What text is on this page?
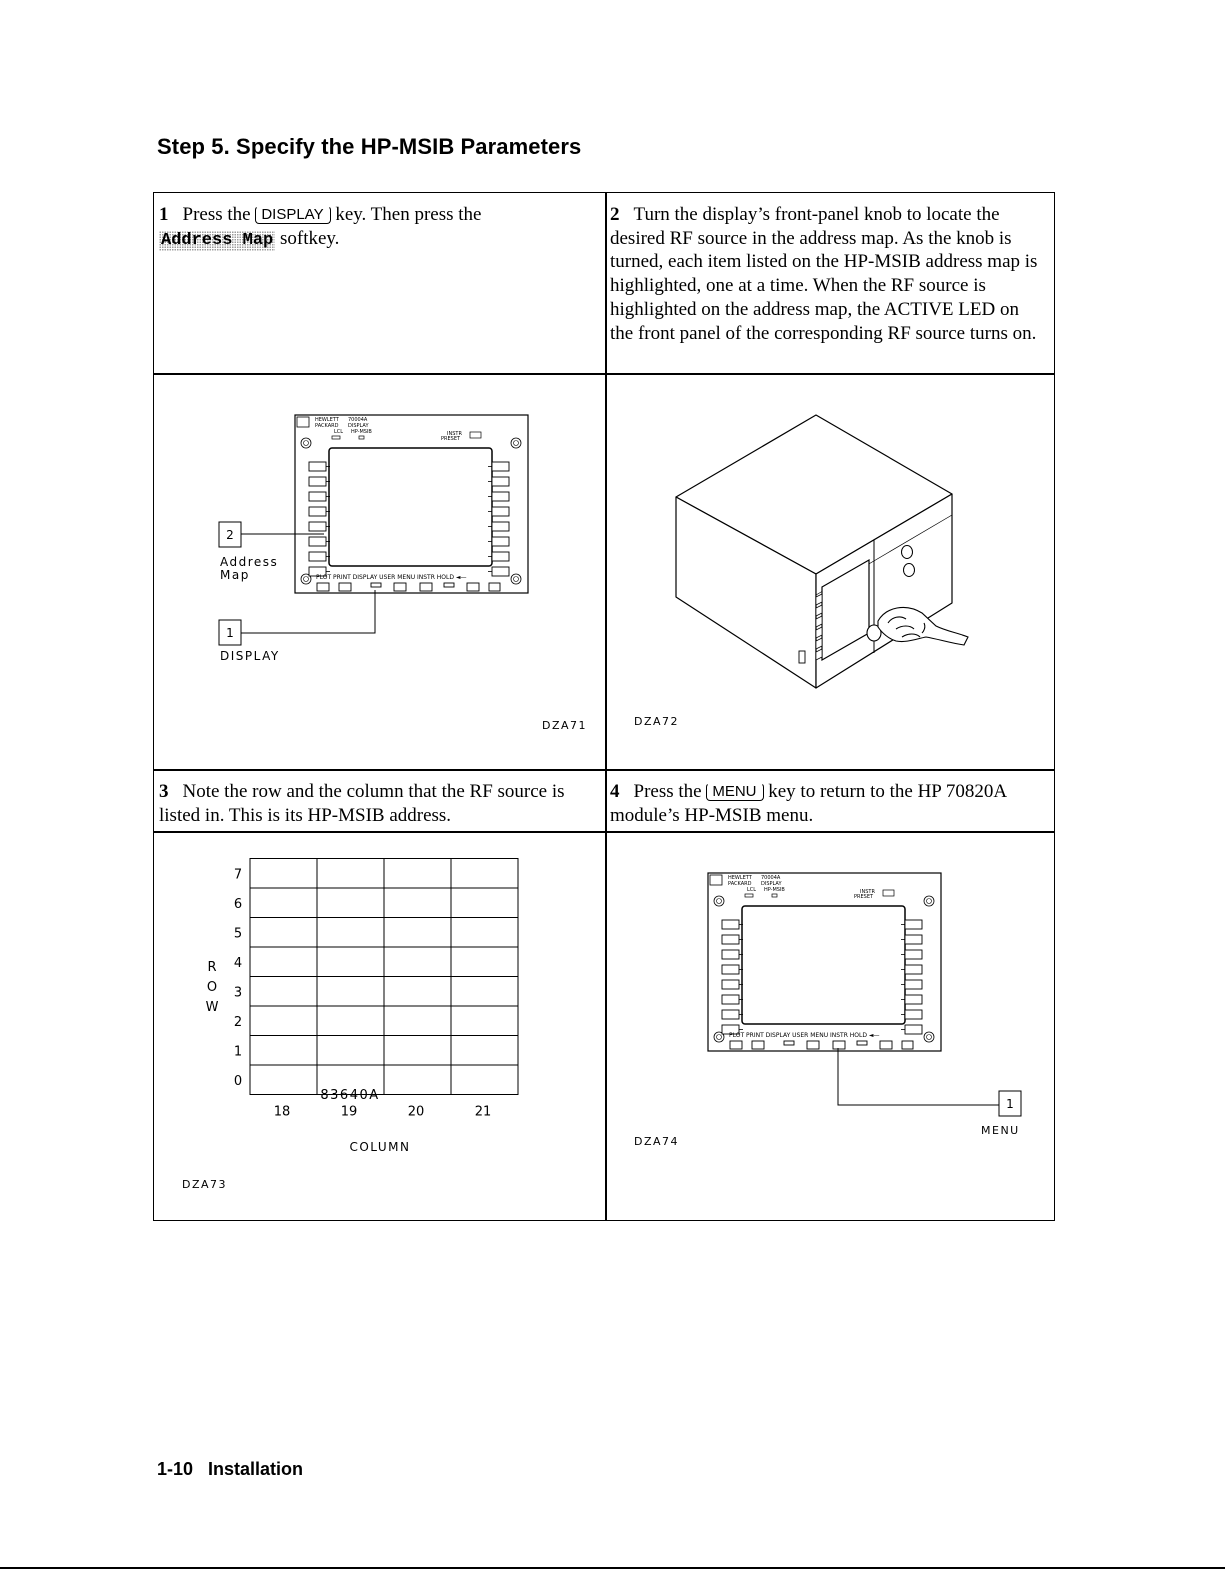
Step 5. Specify the HP-MSIB Parameters
1 Press the DISPLAY key. Then press the
Address Map softkey.
2 Turn the display’s front-panel knob to locate the desired RF source in the address map. As the knob is turned, each item listed on the HP-MSIB address map is highlighted, one at a time. When the RF source is highlighted on the address map, the ACTIVE LED on the front panel of the corresponding RF source turns on.
3 Note the row and the column that the RF source is listed in. This is its HP-MSIB address.
4 Press the MENU key to return to the HP 70820A module’s HP-MSIB menu.
HEWLETT
PACKARD
70004A
DISPLAY
LCL HP-MSIB	INSTR
PRESET
PLOT PRINT DISPLAY USER MENU INSTR HOLD ◄—
2
Address
Map
1
DISPLAY
DZA71	DZA72
7
6
5
4
3
2
1
0
18	19	20	21
R
O
W
COLUMN
83640A
DZA73
HEWLETT
PACKARD
70004A
DISPLAY
LCL HP-MSIB	INSTR
PRESET
PLOT PRINT DISPLAY USER MENU INSTR HOLD ◄—
1
MENU
DZA74
1-10   Installation
